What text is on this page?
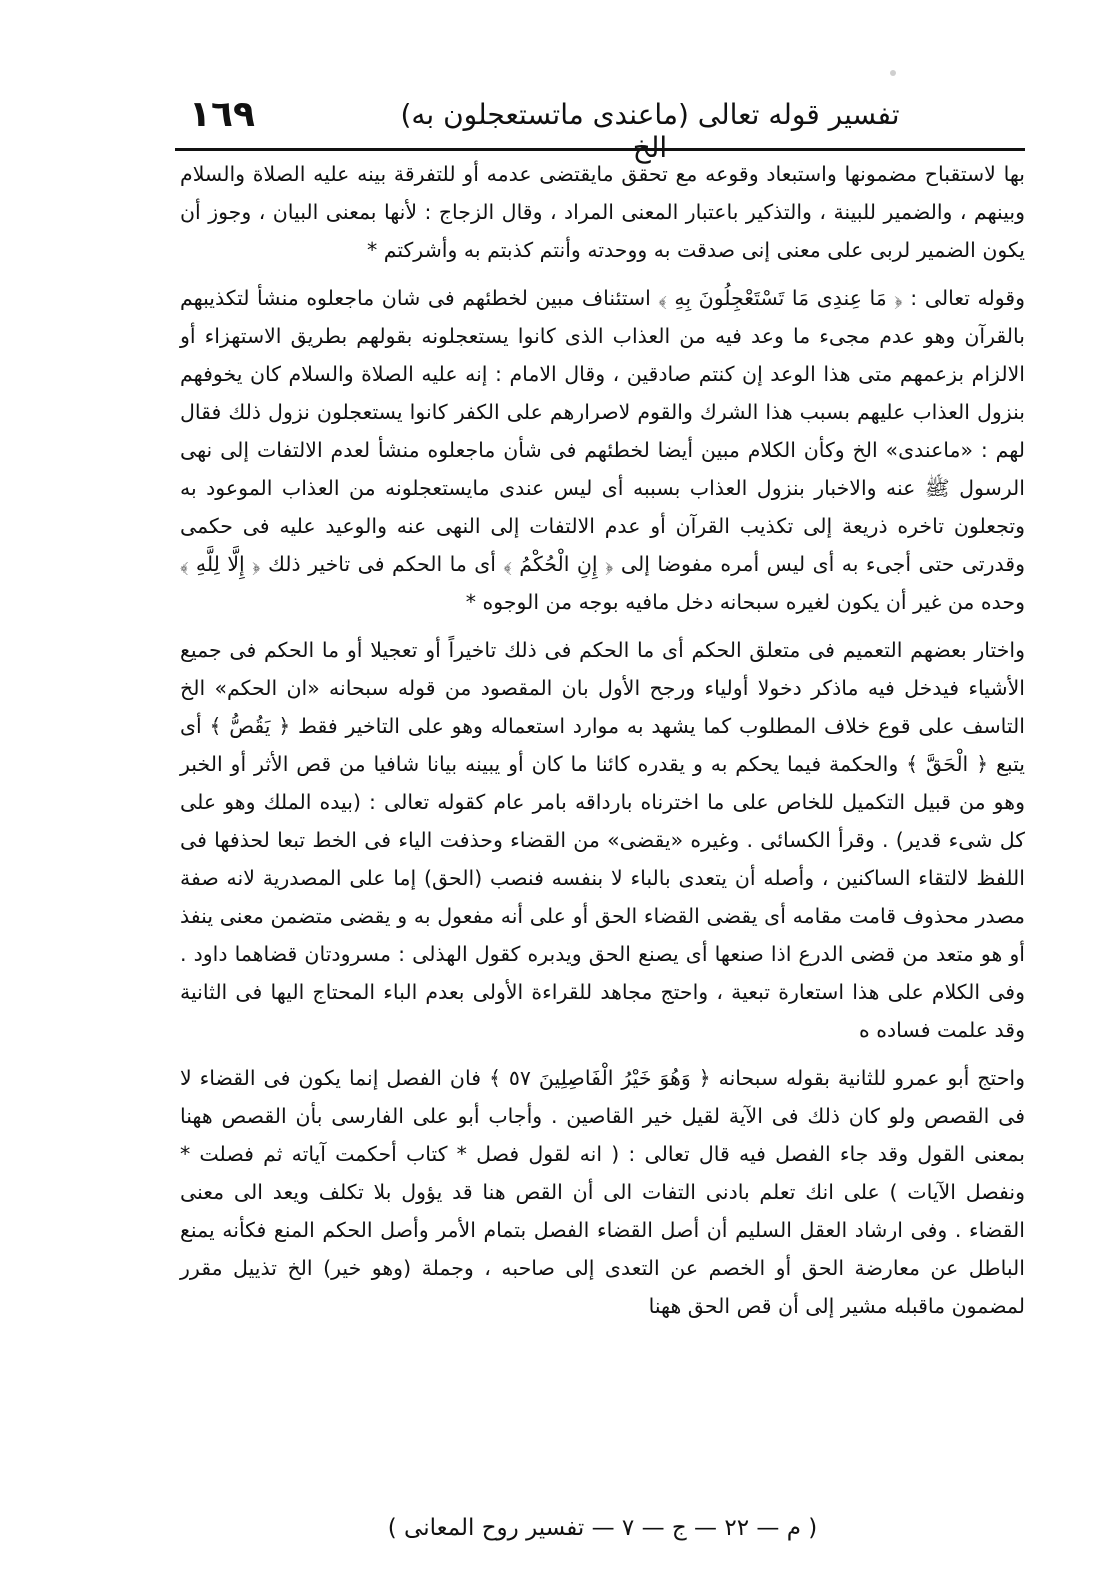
١٦٩	تفسير قوله تعالى (ماعندى ماتستعجلون به) الخ

بها لاستقباح مضمونها واستبعاد وقوعه مع تحقق مايقتضى عدمه أو للتفرقة بينه عليه الصلاة والسلام وبينهم ، والضمير للبينة ، والتذكير باعتبار المعنى المراد ، وقال الزجاج : لأنها بمعنى البيان ، وجوز أن يكون الضمير لربى على معنى إنى صدقت به ووحدته وأنتم كذبتم به وأشركتم *

وقوله تعالى : ﴿ مَا عِندِى مَا تَسْتَعْجِلُونَ بِهِ ﴾ استئناف مبين لخطئهم فى شان ماجعلوه منشأ لتكذيبهم بالقرآن وهو عدم مجىء ما وعد فيه من العذاب الذى كانوا يستعجلونه بقولهم بطريق الاستهزاء أو الالزام بزعمهم متى هذا الوعد إن كنتم صادقين ، وقال الامام : إنه عليه الصلاة والسلام كان يخوفهم بنزول العذاب عليهم بسبب هذا الشرك والقوم لاصرارهم على الكفر كانوا يستعجلون نزول ذلك فقال لهم : «ماعندى» الخ وكأن الكلام مبين أيضا لخطئهم فى شأن ماجعلوه منشأ لعدم الالتفات إلى نهى الرسول ﷺ عنه والاخبار بنزول العذاب بسببه أى ليس عندى مايستعجلونه من العذاب الموعود به وتجعلون تاخره ذريعة إلى تكذيب القرآن أو عدم الالتفات إلى النهى عنه والوعيد عليه فى حكمى وقدرتى حتى أجىء به أى ليس أمره مفوضا إلى ﴿ إِنِ الْحُكْمُ ﴾ أى ما الحكم فى تاخير ذلك ﴿ إِلَّا لِلَّهِ ﴾ وحده من غير أن يكون لغيره سبحانه دخل مافيه بوجه من الوجوه *

واختار بعضهم التعميم فى متعلق الحكم أى ما الحكم فى ذلك تاخيراً أو تعجيلا أو ما الحكم فى جميع الأشياء فيدخل فيه ماذكر دخولا أولياء ورجح الأول بان المقصود من قوله سبحانه «ان الحكم» الخ التاسف على قوع خلاف المطلوب كما يشهد به موارد استعماله وهو على التاخير فقط ﴿ يَقُصُّ ﴾ أى يتبع ﴿ الْحَقَّ ﴾ والحكمة فيما يحكم به و يقدره كائنا ما كان أو يبينه بيانا شافيا من قص الأثر أو الخبر وهو من قبيل التكميل للخاص على ما اخترناه بارداقه بامر عام كقوله تعالى : (بيده الملك وهو على كل شىء قدير) . وقرأ الكسائى . وغيره «يقضى» من القضاء وحذفت الياء فى الخط تبعا لحذفها فى اللفظ لالتقاء الساكنين ، وأصله أن يتعدى بالباء لا بنفسه فنصب (الحق) إما على المصدرية لانه صفة مصدر محذوف قامت مقامه أى يقضى القضاء الحق أو على أنه مفعول به و يقضى متضمن معنى ينفذ أو هو متعد من قضى الدرع اذا صنعها أى يصنع الحق ويدبره كقول الهذلى : مسرودتان قضاهما داود . وفى الكلام على هذا استعارة تبعية ، واحتج مجاهد للقراءة الأولى بعدم الباء المحتاج اليها فى الثانية وقد علمت فساده ه

واحتج أبو عمرو للثانية بقوله سبحانه ﴿ وَهُوَ خَيْرُ الْفَاصِلِينَ ٥٧ ﴾ فان الفصل إنما يكون فى القضاء لا فى القصص ولو كان ذلك فى الآية لقيل خير القاصين . وأجاب أبو على الفارسى بأن القصص ههنا بمعنى القول وقد جاء الفصل فيه قال تعالى : ( انه لقول فصل * كتاب أحكمت آياته ثم فصلت * ونفصل الآيات ) على انك تعلم بادنى التفات الى أن القص هنا قد يؤول بلا تكلف ويعد الى معنى القضاء . وفى ارشاد العقل السليم أن أصل القضاء الفصل بتمام الأمر وأصل الحكم المنع فكأنه يمنع الباطل عن معارضة الحق أو الخصم عن التعدى إلى صاحبه ، وجملة (وهو خير) الخ تذييل مقرر لمضمون ماقبله مشير إلى أن قص الحق ههنا

( م — ٢٢ — ج — ٧ — تفسير روح المعانى )
